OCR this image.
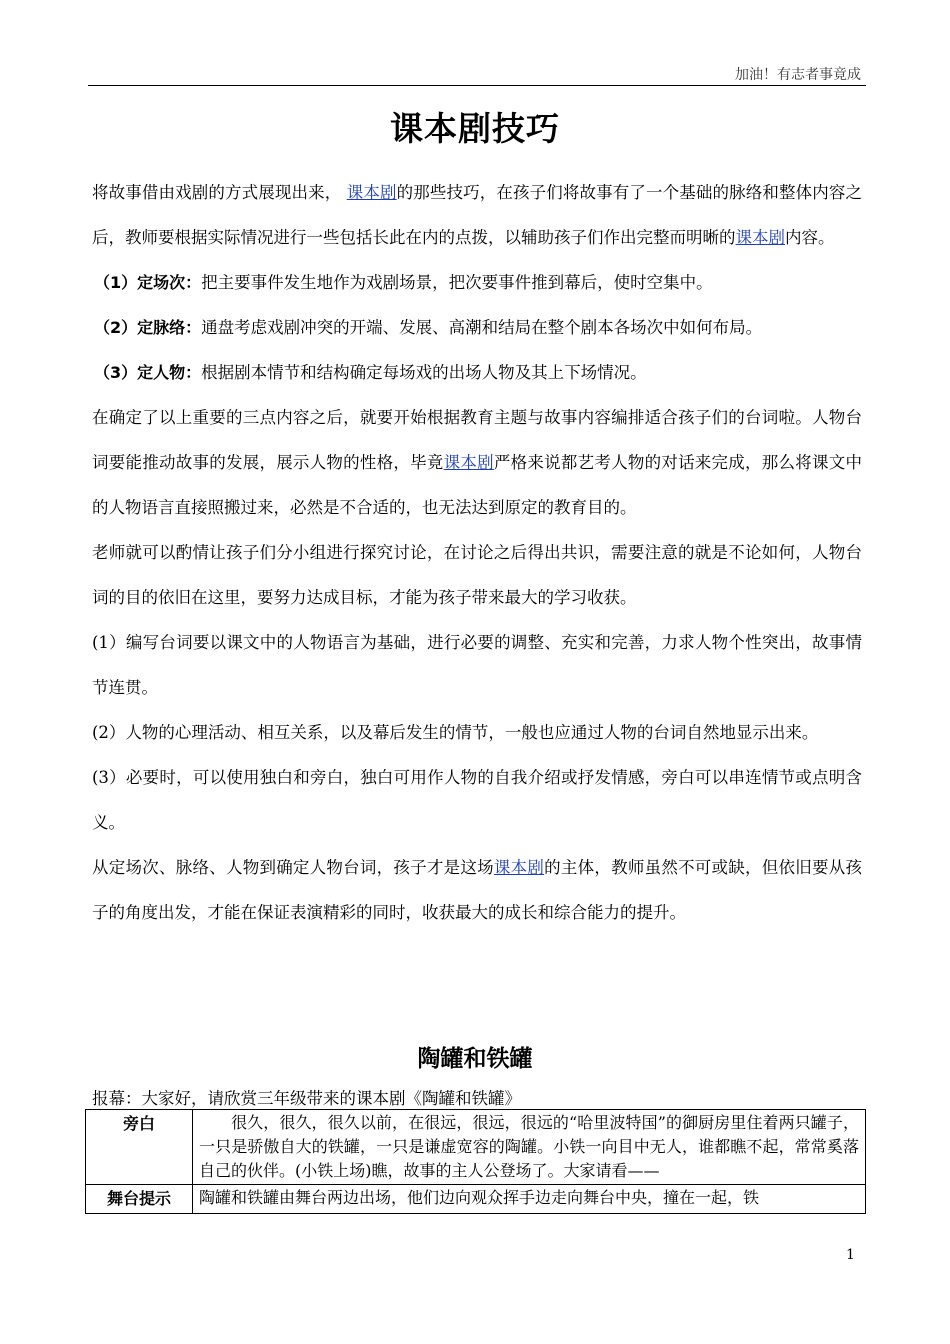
加油！有志者事竟成
课本剧技巧

将故事借由戏剧的方式展现出来， 课本剧的那些技巧，在孩子们将故事有了一个基础的脉络和整体内容之后，教师要根据实际情况进行一些包括长此在内的点拨，以辅助孩子们作出完整而明晰的课本剧内容。

（1）定场次：把主要事件发生地作为戏剧场景，把次要事件推到幕后，使时空集中。

（2）定脉络：通盘考虑戏剧冲突的开端、发展、高潮和结局在整个剧本各场次中如何布局。

（3）定人物：根据剧本情节和结构确定每场戏的出场人物及其上下场情况。

在确定了以上重要的三点内容之后，就要开始根据教育主题与故事内容编排适合孩子们的台词啦。人物台词要能推动故事的发展，展示人物的性格，毕竟课本剧严格来说都艺考人物的对话来完成，那么将课文中的人物语言直接照搬过来，必然是不合适的，也无法达到原定的教育目的。

老师就可以酌情让孩子们分小组进行探究讨论，在讨论之后得出共识，需要注意的就是不论如何，人物台词的目的依旧在这里，要努力达成目标，才能为孩子带来最大的学习收获。

(1）编写台词要以课文中的人物语言为基础，进行必要的调整、充实和完善，力求人物个性突出，故事情节连贯。

(2）人物的心理活动、相互关系，以及幕后发生的情节，一般也应通过人物的台词自然地显示出来。

(3）必要时，可以使用独白和旁白，独白可用作人物的自我介绍或抒发情感，旁白可以串连情节或点明含义。

从定场次、脉络、人物到确定人物台词，孩子才是这场课本剧的主体，教师虽然不可或缺，但依旧要从孩子的角度出发，才能在保证表演精彩的同时，收获最大的成长和综合能力的提升。

陶罐和铁罐
报幕：大家好，请欣赏三年级带来的课本剧《陶罐和铁罐》
旁白	很久，很久，很久以前，在很远，很远，很远的“哈里波特国”的御厨房里住着两只罐子，一只是骄傲自大的铁罐，一只是谦虚宽容的陶罐。小铁一向目中无人，谁都瞧不起，常常奚落自己的伙伴。(小铁上场)瞧，故事的主人公登场了。大家请看——
舞台提示	陶罐和铁罐由舞台两边出场，他们边向观众挥手边走向舞台中央，撞在一起，铁
1
